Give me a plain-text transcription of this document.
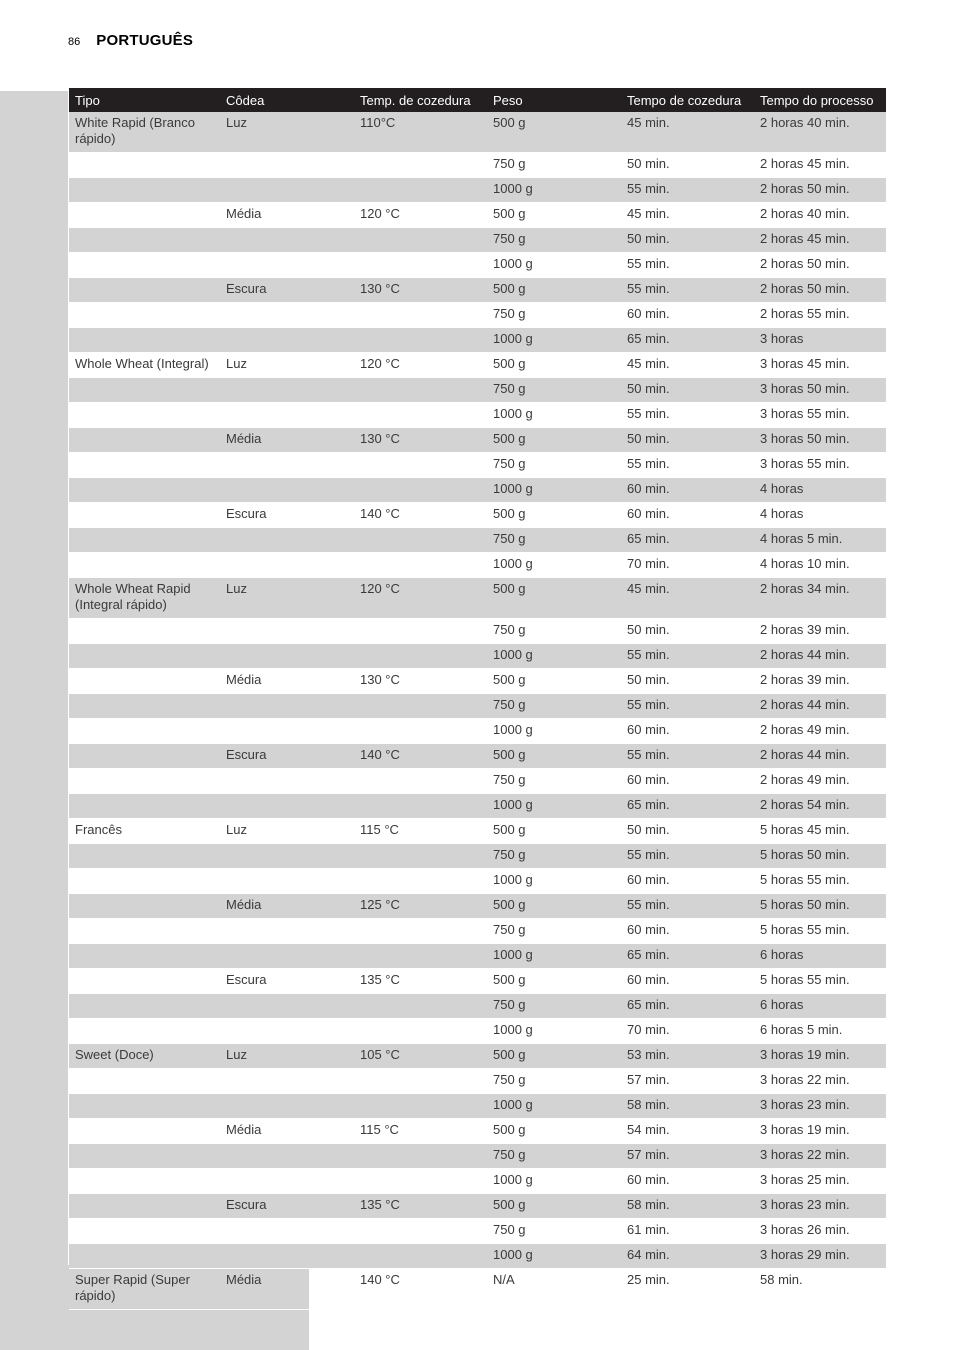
86 PORTUGUÊS
Tipo	Côdea	Temp. de cozedura	Peso	Tempo de cozedura	Tempo do processo
White Rapid (Branco rápido)	Luz	110°C	500 g	45 min.	2 horas 40 min.
			750 g	50 min.	2 horas 45 min.
			1000 g	55 min.	2 horas 50 min.
	Média	120 °C	500 g	45 min.	2 horas 40 min.
			750 g	50 min.	2 horas 45 min.
			1000 g	55 min.	2 horas 50 min.
	Escura	130 °C	500 g	55 min.	2 horas 50 min.
			750 g	60 min.	2 horas 55 min.
			1000 g	65 min.	3 horas
Whole Wheat (Integral)	Luz	120 °C	500 g	45 min.	3 horas 45 min.
			750 g	50 min.	3 horas 50 min.
			1000 g	55 min.	3 horas 55 min.
	Média	130 °C	500 g	50 min.	3 horas 50 min.
			750 g	55 min.	3 horas 55 min.
			1000 g	60 min.	4 horas
	Escura	140 °C	500 g	60 min.	4 horas
			750 g	65 min.	4 horas 5 min.
			1000 g	70 min.	4 horas 10 min.
Whole Wheat Rapid (Integral rápido)	Luz	120 °C	500 g	45 min.	2 horas 34 min.
			750 g	50 min.	2 horas 39 min.
			1000 g	55 min.	2 horas 44 min.
	Média	130 °C	500 g	50 min.	2 horas 39 min.
			750 g	55 min.	2 horas 44 min.
			1000 g	60 min.	2 horas 49 min.
	Escura	140 °C	500 g	55 min.	2 horas 44 min.
			750 g	60 min.	2 horas 49 min.
			1000 g	65 min.	2 horas 54 min.
Francês	Luz	115 °C	500 g	50 min.	5 horas 45 min.
			750 g	55 min.	5 horas 50 min.
			1000 g	60 min.	5 horas 55 min.
	Média	125 °C	500 g	55 min.	5 horas 50 min.
			750 g	60 min.	5 horas 55 min.
			1000 g	65 min.	6 horas
	Escura	135 °C	500 g	60 min.	5 horas 55 min.
			750 g	65 min.	6 horas
			1000 g	70 min.	6 horas 5 min.
Sweet (Doce)	Luz	105 °C	500 g	53 min.	3 horas 19 min.
			750 g	57 min.	3 horas 22 min.
			1000 g	58 min.	3 horas 23 min.
	Média	115 °C	500 g	54 min.	3 horas 19 min.
			750 g	57 min.	3 horas 22 min.
			1000 g	60 min.	3 horas 25 min.
	Escura	135 °C	500 g	58 min.	3 horas 23 min.
			750 g	61 min.	3 horas 26 min.
			1000 g	64 min.	3 horas 29 min.
Super Rapid (Super rápido)	Média	140 °C	N/A	25 min.	58 min.
